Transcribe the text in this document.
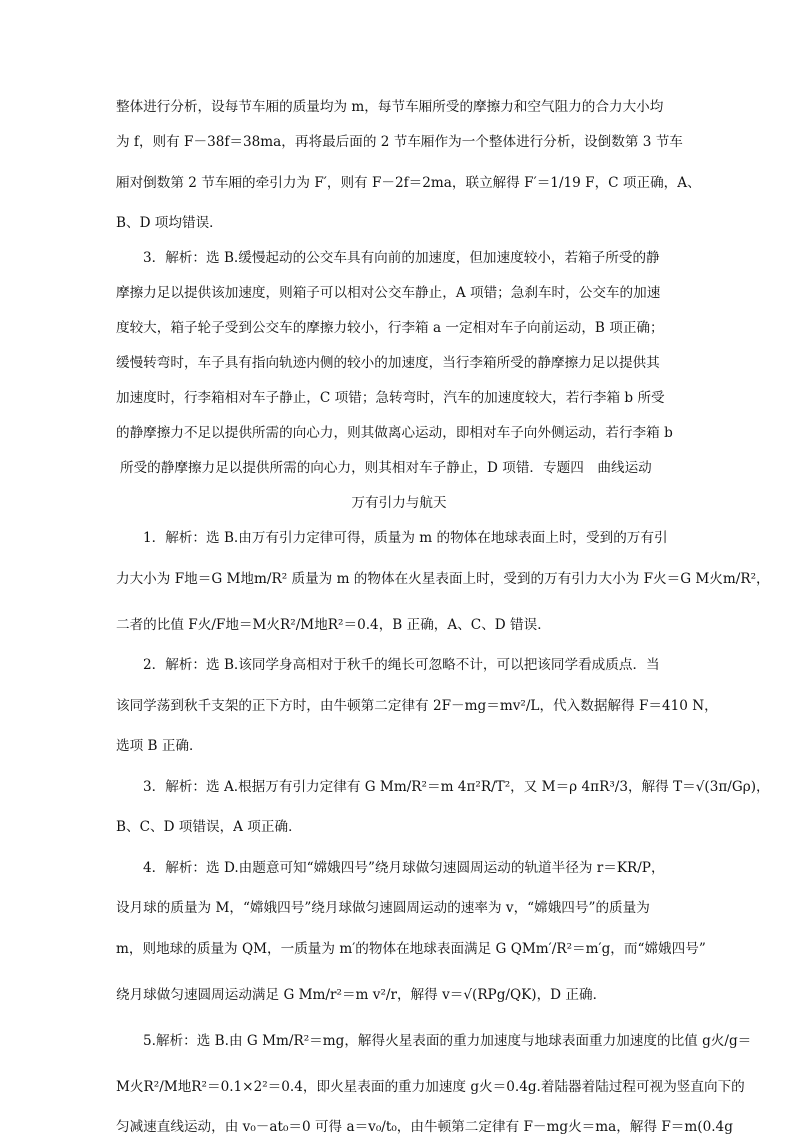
整体进行分析，设每节车厢的质量均为 m，每节车厢所受的摩擦力和空气阻力的合力大小均
为 f，则有 F－38f＝38ma，再将最后面的 2 节车厢作为一个整体进行分析，设倒数第 3 节车
厢对倒数第 2 节车厢的牵引力为 F′，则有 F－2f＝2ma，联立解得 F′＝1/19 F，C 项正确，A、
B、D 项均错误．
3．解析：选 B.缓慢起动的公交车具有向前的加速度，但加速度较小，若箱子所受的静
摩擦力足以提供该加速度，则箱子可以相对公交车静止，A 项错；急刹车时，公交车的加速
度较大，箱子轮子受到公交车的摩擦力较小，行李箱 a 一定相对车子向前运动，B 项正确；
缓慢转弯时，车子具有指向轨迹内侧的较小的加速度，当行李箱所受的静摩擦力足以提供其
加速度时，行李箱相对车子静止，C 项错；急转弯时，汽车的加速度较大，若行李箱 b 所受
的静摩擦力不足以提供所需的向心力，则其做离心运动，即相对车子向外侧运动，若行李箱 b
所受的静摩擦力足以提供所需的向心力，则其相对车子静止，D 项错．专题四　曲线运动
万有引力与航天
1．解析：选 B.由万有引力定律可得，质量为 m 的物体在地球表面上时，受到的万有引
力大小为 F地＝G M地m/R² 质量为 m 的物体在火星表面上时，受到的万有引力大小为 F火＝G M火m/R²，
二者的比值 F火/F地＝M火R²/M地R²＝0.4，B 正确，A、C、D 错误．
2．解析：选 B.该同学身高相对于秋千的绳长可忽略不计，可以把该同学看成质点．当
该同学荡到秋千支架的正下方时，由牛顿第二定律有 2F－mg＝mv²/L，代入数据解得 F＝410 N，
选项 B 正确．
3．解析：选 A.根据万有引力定律有 G Mm/R²＝m 4π²R/T²，又 M＝ρ 4πR³/3，解得 T＝√(3π/Gρ)，
B、C、D 项错误，A 项正确．
4．解析：选 D.由题意可知“嫦娥四号”绕月球做匀速圆周运动的轨道半径为 r＝KR/P，
设月球的质量为 M，“嫦娥四号”绕月球做匀速圆周运动的速率为 v，“嫦娥四号”的质量为
m，则地球的质量为 QM，一质量为 m′的物体在地球表面满足 G QMm′/R²＝m′g，而“嫦娥四号”
绕月球做匀速圆周运动满足 G Mm/r²＝m v²/r，解得 v＝√(RPg/QK)，D 正确．
5.解析：选 B.由 G Mm/R²＝mg，解得火星表面的重力加速度与地球表面重力加速度的比值 g火/g＝
M火R²/M地R²＝0.1×2²＝0.4，即火星表面的重力加速度 g火＝0.4g.着陆器着陆过程可视为竖直向下的
匀减速直线运动，由 v₀－at₀＝0 可得 a＝v₀/t₀，由牛顿第二定律有 F－mg火＝ma，解得 F＝m(0.4g
